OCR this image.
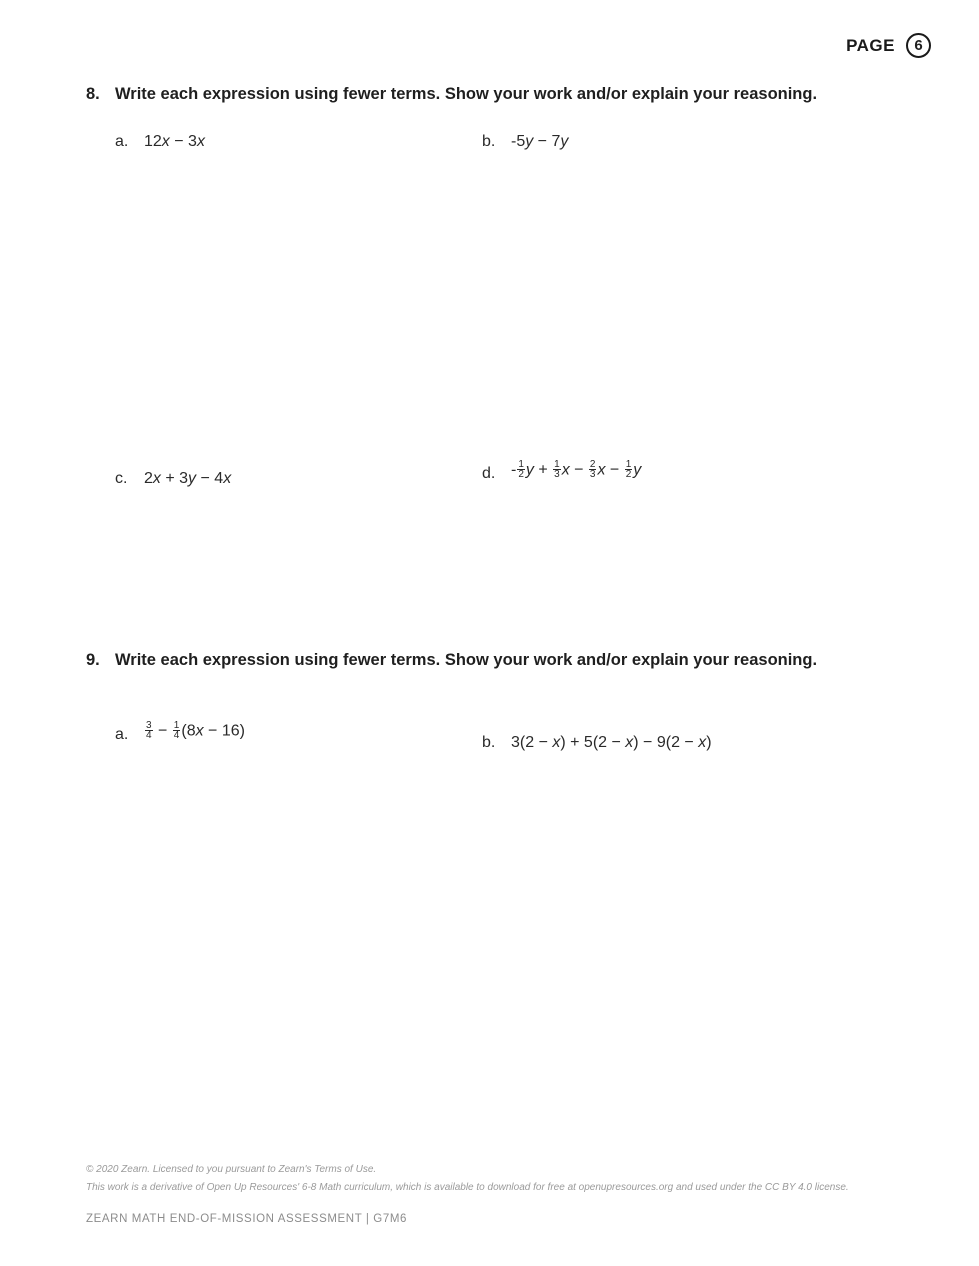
PAGE 6
8. Write each expression using fewer terms. Show your work and/or explain your reasoning.
a. 12x − 3x	b. -5y − 7y
c. 2x + 3y − 4x	d. - $\frac{1}{2}$ $y + \frac{1}{3}$ $x - \frac{2}{3}$ $x - \frac{1}{2}$ y
9. Write each expression using fewer terms. Show your work and/or explain your reasoning.
a. $\frac{3}{4} - \frac{1}{4} (8x - 16)$
b. 3(2 − x) + 5(2 − x) − 9(2 − x)
© 2020 Zearn. Licensed to you pursuant to Zearn's Terms of Use.
This work is a derivative of Open Up Resources' 6-8 Math curriculum, which is available to download for free at openupresources.org and used under the CC BY 4.0 license.
ZEARN MATH END-OF-MISSION ASSESSMENT | G7M6
